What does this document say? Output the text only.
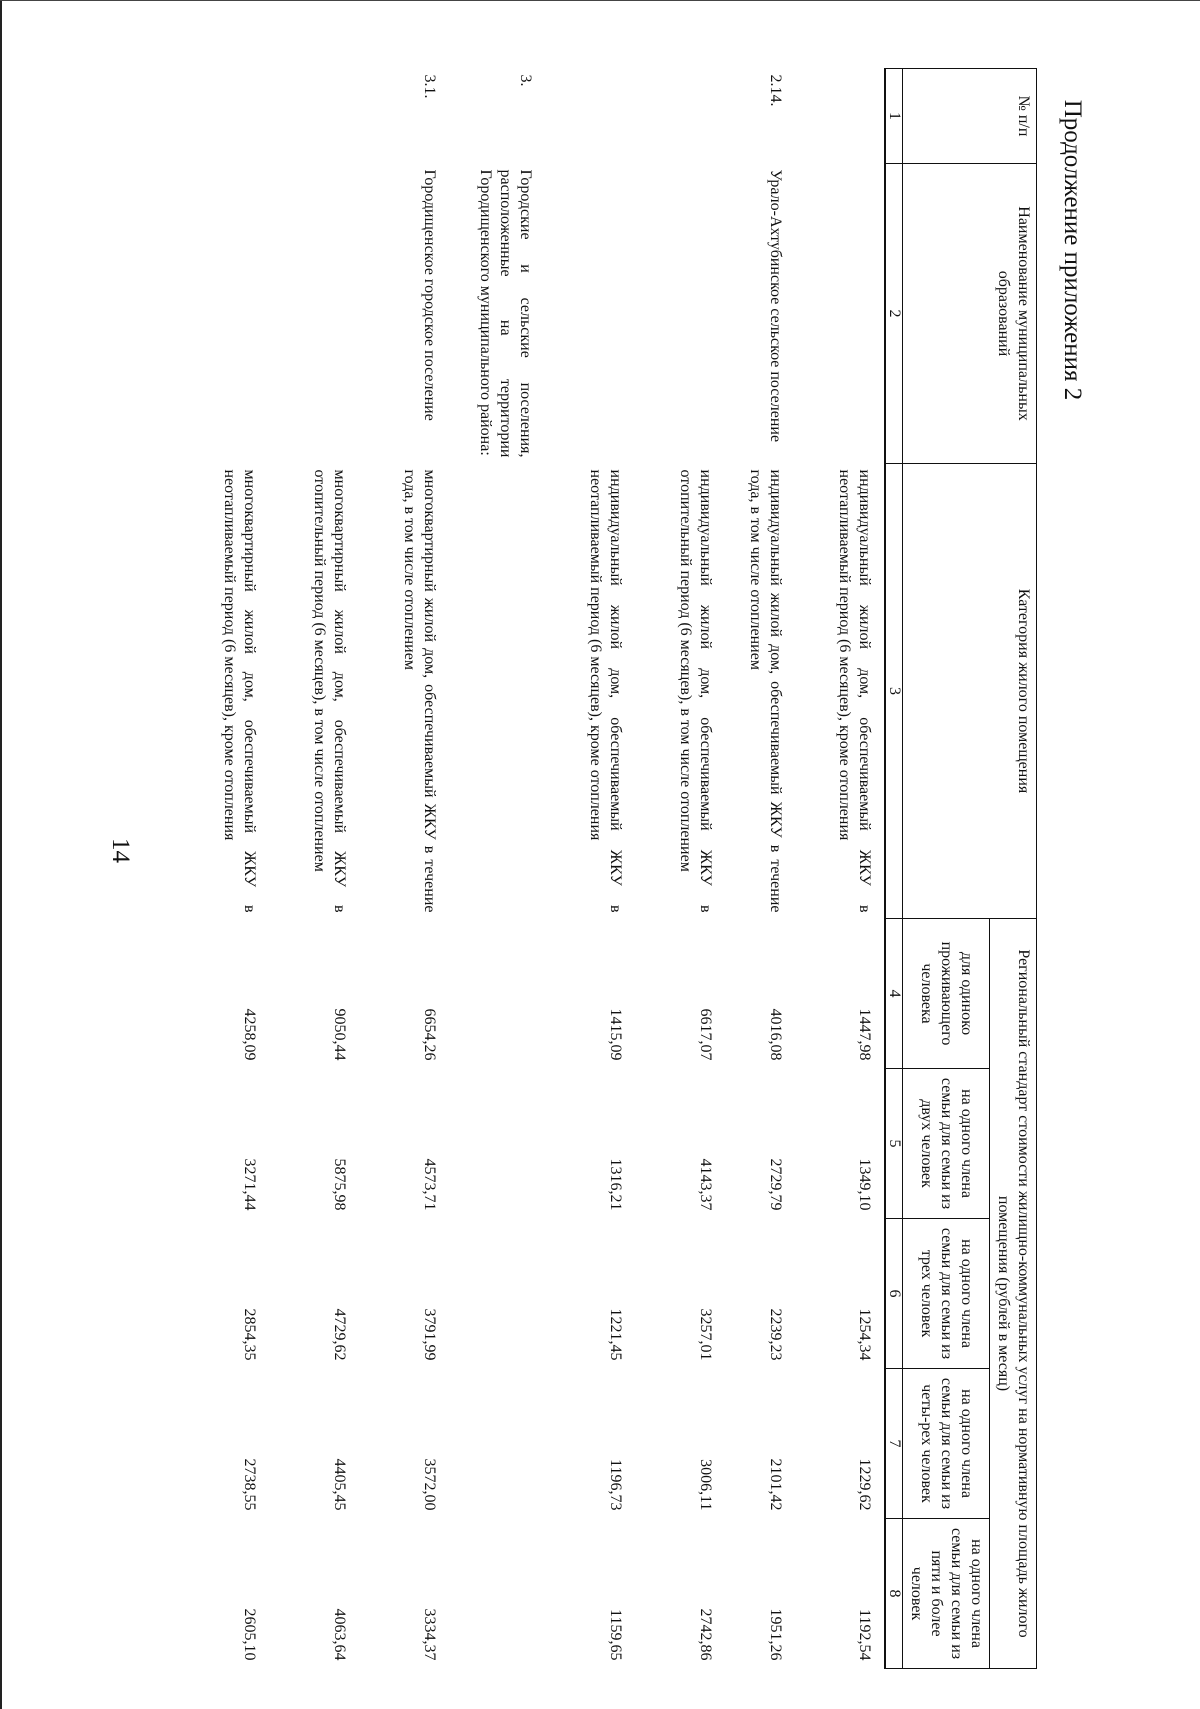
14
Продолжение приложения 2
№ п/п	Наименование муниципальных образований	Категория жилого помещения	Региональный стандарт стоимости жилищно-коммунальных услуг на нормативную площадь жилого помещения (рублей в месяц)				
			для одиноко проживающего человека	на одного члена семьи для семьи из двух человек	на одного члена семьи для семьи из трех человек	на одного члена семьи для семьи из четы-рех человек	на одного члена семьи для семьи из пяти и более человек
1	2	3	4	5	6	7	8
		индивидуальный жилой дом, обеспечиваемый ЖКУ в неотапливаемый период (6 месяцев), кроме отопления	1447,98	1349,10	1254,34	1229,62	1192,54
2.14.	Урало-Ахтубинское сельское поселение	индивидуальный жилой дом, обеспечиваемый ЖКУ в течение года, в том числе отоплением	4016,08	2729,79	2239,23	2101,42	1951,26
		индивидуальный жилой дом, обеспечиваемый ЖКУ в отопительный период (6 месяцев), в том числе отоплением	6617,07	4143,37	3257,01	3006,11	2742,86
		индивидуальный жилой дом, обеспечиваемый ЖКУ в неотапливаемый период (6 месяцев), кроме отопления	1415,09	1316,21	1221,45	1196,73	1159,65
3.	Городские и сельские поселения, расположенные на территории Городищенского муниципального района:						
3.1.	Городищенское городское поселение	многоквартирный жилой дом, обеспечиваемый ЖКУ в течение года, в том числе отоплением	6654,26	4573,71	3791,99	3572,00	3334,37
		многоквартирный жилой дом, обеспечиваемый ЖКУ в отопительный период (6 месяцев), в том числе отоплением	9050,44	5875,98	4729,62	4405,45	4063,64
		многоквартирный жилой дом, обеспечиваемый ЖКУ в неотапливаемый период (6 месяцев), кроме отопления	4258,09	3271,44	2854,35	2738,55	2605,10
